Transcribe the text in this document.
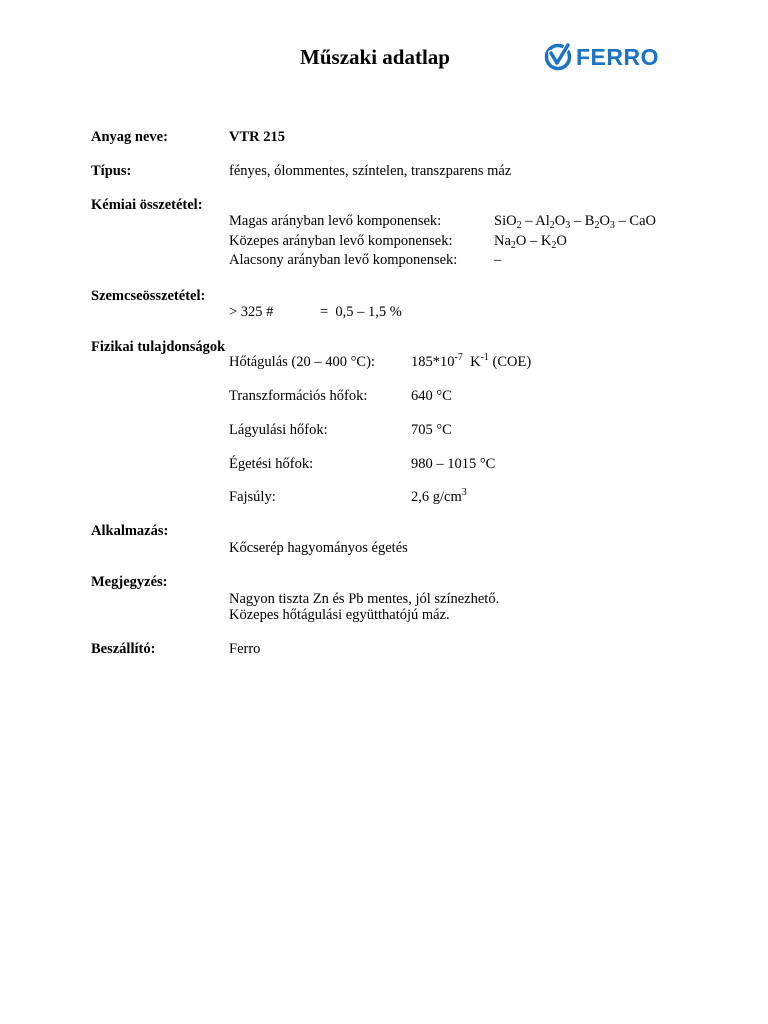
Műszaki adatlap	FERRO
Anyag neve:	VTR 215
Típus:	fényes, ólommentes, színtelen, transzparens máz
Kémiai összetétel:
Magas arányban levő komponensek:	$SiO_2 - Al_2O_3 - B_2O_3$ – CaO
Közepes arányban levő komponensek:	$Na_2O - K_2O$
Alacsony arányban levő komponensek:	–
Szemcseösszetétel:
> 325 #	=  0,5 – 1,5 %
Fizikai tulajdonságok
Hőtágulás (20 – 400 °C): $185*10^{-7}$  $K^{-1}$ (COE)
Transzformációs hőfok:	640 °C
Lágyulási hőfok:	705 °C
Égetési hőfok:	980 – 1015 °C
Fajsúly:	2,6 $g/cm^3$
Alkalmazás:
Kőcserép hagyományos égetés
Megjegyzés:
Nagyon tiszta Zn és Pb mentes, jól színezhető.
Közepes hőtágulási együtthatójú máz.
Beszállító:	Ferro
